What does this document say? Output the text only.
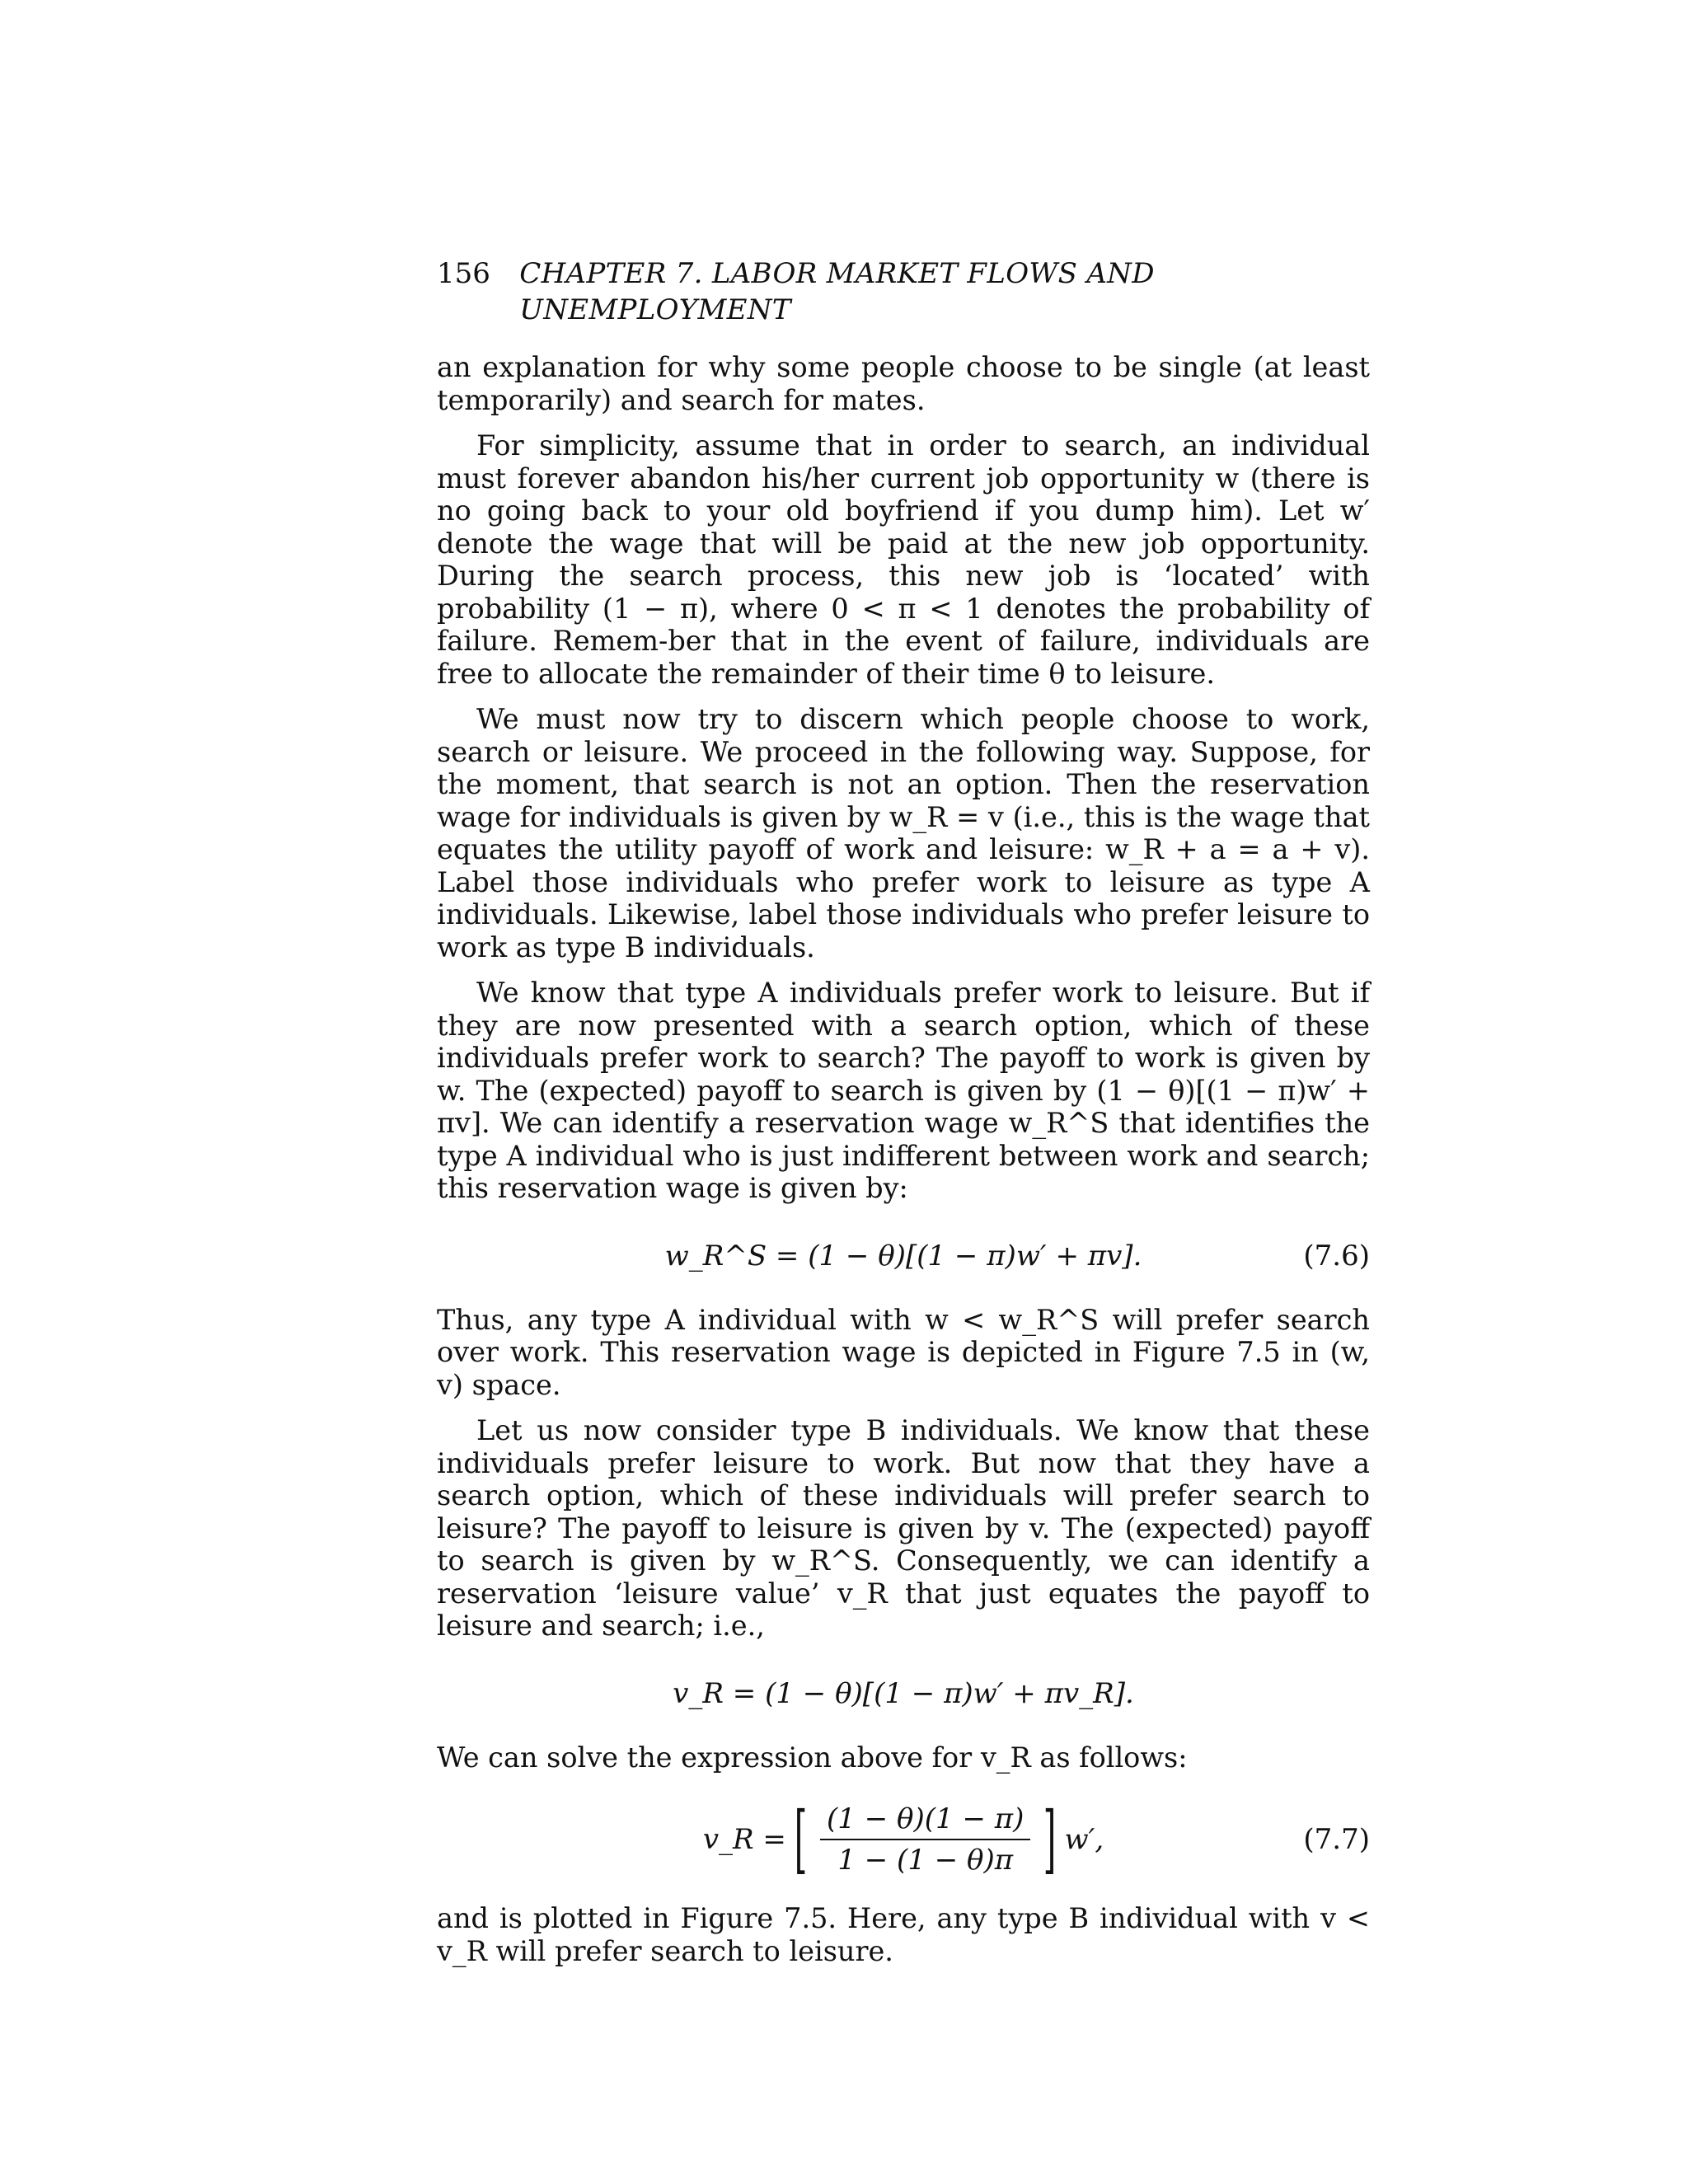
156	CHAPTER 7. LABOR MARKET FLOWS AND UNEMPLOYMENT

an explanation for why some people choose to be single (at least temporarily) and search for mates.

For simplicity, assume that in order to search, an individual must forever abandon his/her current job opportunity w (there is no going back to your old boyfriend if you dump him). Let w′ denote the wage that will be paid at the new job opportunity. During the search process, this new job is ‘located’ with probability (1 − π), where 0 < π < 1 denotes the probability of failure. Remem-ber that in the event of failure, individuals are free to allocate the remainder of their time θ to leisure.

We must now try to discern which people choose to work, search or leisure. We proceed in the following way. Suppose, for the moment, that search is not an option. Then the reservation wage for individuals is given by w_R = v (i.e., this is the wage that equates the utility payoff of work and leisure: w_R + a = a + v). Label those individuals who prefer work to leisure as type A individuals. Likewise, label those individuals who prefer leisure to work as type B individuals.

We know that type A individuals prefer work to leisure. But if they are now presented with a search option, which of these individuals prefer work to search? The payoff to work is given by w. The (expected) payoff to search is given by (1 − θ)[(1 − π)w′ + πv]. We can identify a reservation wage w_R^S that identifies the type A individual who is just indifferent between work and search; this reservation wage is given by:

w_R^S = (1 − θ)[(1 − π)w′ + πv].	(7.6)

Thus, any type A individual with w < w_R^S will prefer search over work. This reservation wage is depicted in Figure 7.5 in (w, v) space.

Let us now consider type B individuals. We know that these individuals prefer leisure to work. But now that they have a search option, which of these individuals will prefer search to leisure? The payoff to leisure is given by v. The (expected) payoff to search is given by w_R^S. Consequently, we can identify a reservation ‘leisure value’ v_R that just equates the payoff to leisure and search; i.e.,

v_R = (1 − θ)[(1 − π)w′ + πv_R].

We can solve the expression above for v_R as follows:

v_R = [ $\frac{(1 - \theta)(1 - \pi)}{1 - (1 - \theta)\pi}$ ] w′,	(7.7)

and is plotted in Figure 7.5. Here, any type B individual with v < v_R will prefer search to leisure.
